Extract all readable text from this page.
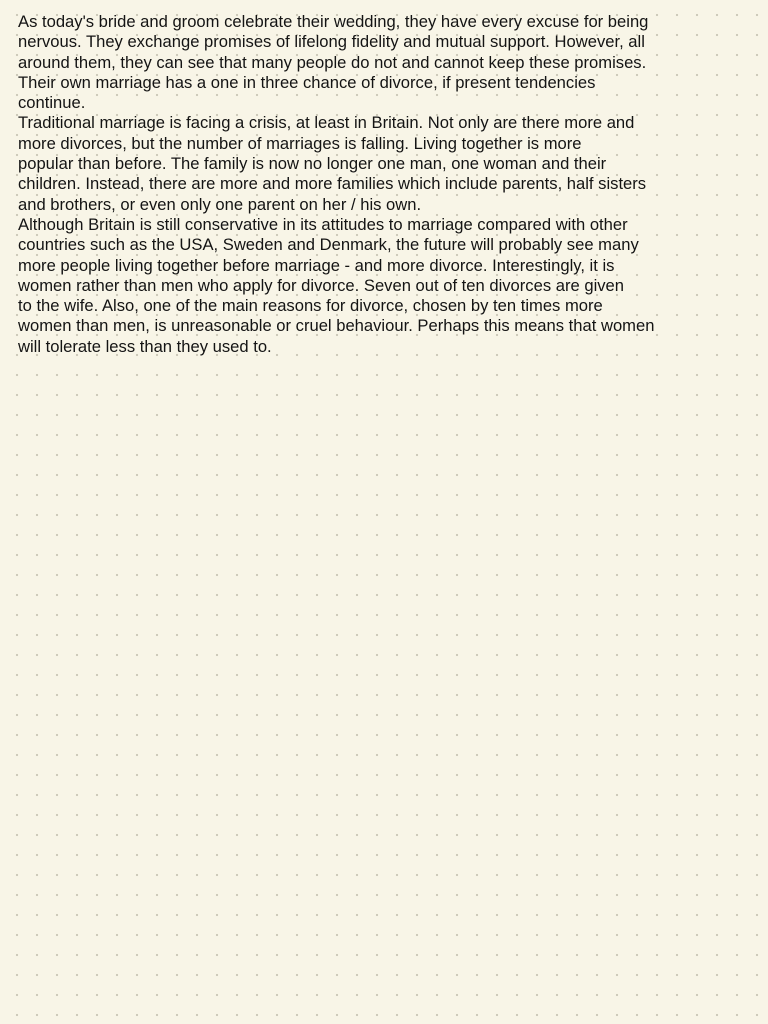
As today's bride and groom celebrate their wedding, they have every excuse for being
nervous. They exchange promises of lifelong fidelity and mutual support. However, all
around them, they can see that many people do not and cannot keep these promises.
Their own marriage has a one in three chance of divorce, if present tendencies
continue.
Traditional marriage is facing a crisis, at least in Britain. Not only are there more and
more divorces, but the number of marriages is falling. Living together is more
popular than before. The family is now no longer one man, one woman and their
children. Instead, there are more and more families which include parents, half sisters
and brothers, or even only one parent on her / his own.
Although Britain is still conservative in its attitudes to marriage compared with other
countries such as the USA, Sweden and Denmark, the future will probably see many
more people living together before marriage - and more divorce. Interestingly, it is
women rather than men who apply for divorce. Seven out of ten divorces are given
to the wife. Also, one of the main reasons for divorce, chosen by ten times more
women than men, is unreasonable or cruel behaviour. Perhaps this means that women
will tolerate less than they used to.
